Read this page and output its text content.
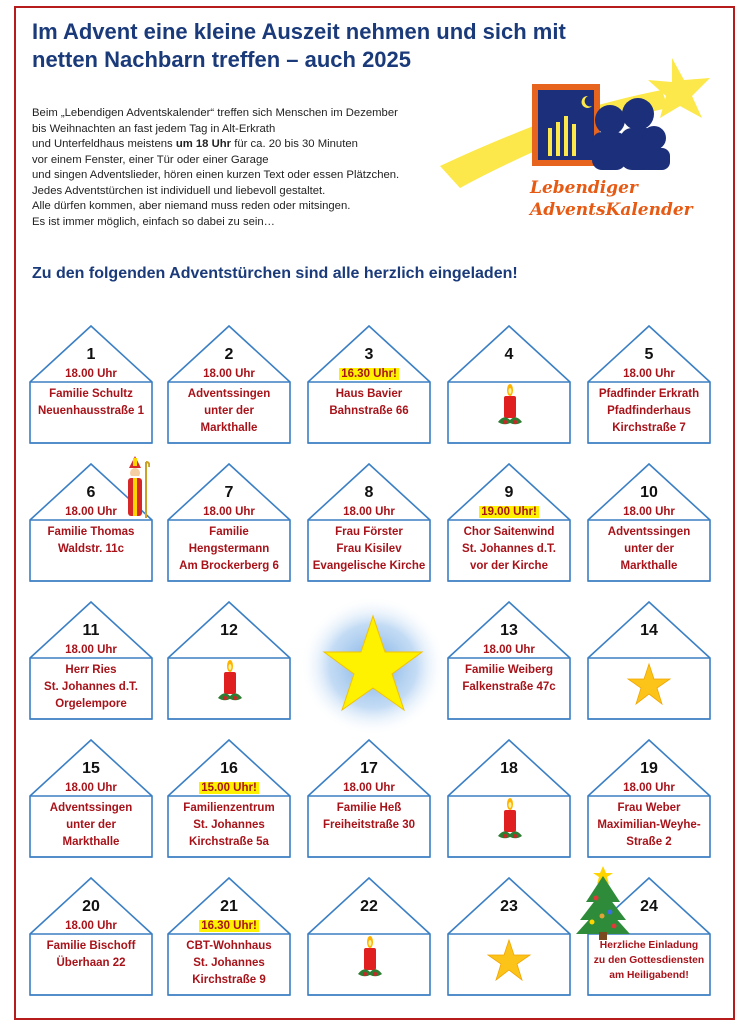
Im Advent eine kleine Auszeit nehmen und sich mit
netten Nachbarn treffen – auch 2025

Beim „Lebendigen Adventskalender“ treffen sich Menschen im Dezember

bis Weihnachten an fast jedem Tag in Alt-Erkrath

und Unterfeldhaus meistens um 18 Uhr für ca. 20 bis 30 Minuten

vor einem Fenster, einer Tür oder einer Garage

und singen Adventslieder, hören einen kurzen Text oder essen Plätzchen.

Jedes Adventstürchen ist individuell und liebevoll gestaltet.

Alle dürfen kommen, aber niemand muss reden oder mitsingen.

Es ist immer möglich, einfach so dabei zu sein…

Lebendiger
AdventsKalender
Zu den folgenden Adventstürchen sind alle herzlich eingeladen!
1
18.00 Uhr
Familie Schultz
Neuenhausstraße 1
2
18.00 Uhr
Adventssingen
unter der
Markthalle
3
16.30 Uhr!
Haus Bavier
Bahnstraße 66
4	5
18.00 Uhr
Pfadfinder Erkrath
Pfadfinderhaus
Kirchstraße 7
6
18.00 Uhr
Familie Thomas
Waldstr. 11c
7
18.00 Uhr
Familie
Hengstermann
Am Brockerberg 6
8
18.00 Uhr
Frau Förster
Frau Kisilev
Evangelische Kirche
9
19.00 Uhr!
Chor Saitenwind
St. Johannes d.T.
vor der Kirche
10
18.00 Uhr
Adventssingen
unter der
Markthalle
11
18.00 Uhr
Herr Ries
St. Johannes d.T.
Orgelempore
12	13
18.00 Uhr
Familie Weiberg
Falkenstraße 47c
14
15
18.00 Uhr
Adventssingen
unter der
Markthalle
16
15.00 Uhr!
Familienzentrum
St. Johannes
Kirchstraße 5a
17
18.00 Uhr
Familie Heß
Freiheitstraße 30
18	19
18.00 Uhr
Frau Weber
Maximilian-Weyhe-
Straße 2
20
18.00 Uhr
Familie Bischoff
Überhaan 22
21
16.30 Uhr!
CBT-Wohnhaus
St. Johannes
Kirchstraße 9
22	23	24
Herzliche Einladung
zu den Gottesdiensten
am Heiligabend!
